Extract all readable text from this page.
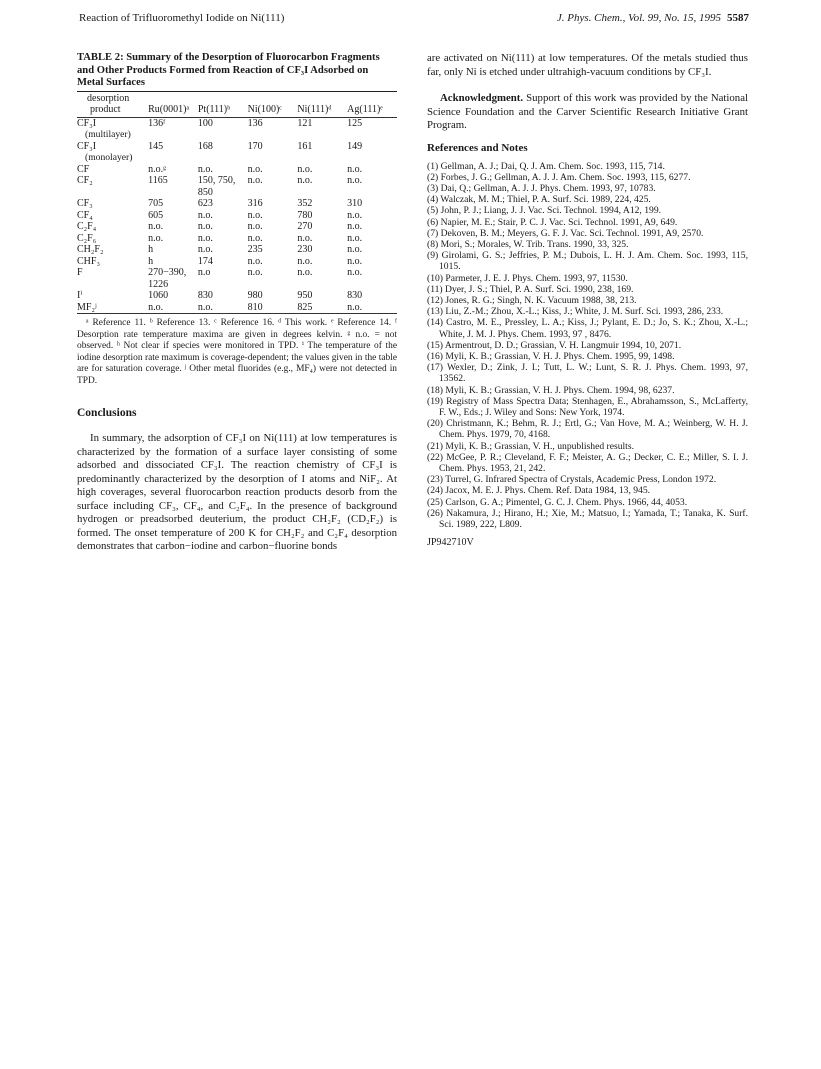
Reaction of Trifluoromethyl Iodide on Ni(111)	J. Phys. Chem., Vol. 99, No. 15, 1995 5587

TABLE 2: Summary of the Desorption of Fluorocarbon Fragments and Other Products Formed from Reaction of CF₃I Adsorbed on Metal Surfaces

desorption
product	Ru(0001)ᵃ	Pt(111)ᵇ	Ni(100)ᶜ	Ni(111)ᵈ	Ag(111)ᵉ

CF₃I
(multilayer)	136ᶠ	100	136	121	125

CF₃I
(monolayer)	145	168	170	161	149

CF	n.o.ᵍ	n.o.	n.o.	n.o.	n.o.

CF₂	1165	150, 750, 850	n.o.	n.o.	n.o.

CF₃	705	623	316	352	310

CF₄	605	n.o.	n.o.	780	n.o.

C₂F₄	n.o.	n.o.	n.o.	270	n.o.

C₂F₆	n.o.	n.o.	n.o.	n.o.	n.o.

CH₂F₂	h	n.o.	235	230	n.o.

CHF₃	h	174	n.o.	n.o.	n.o.

F	270−390, 1226	n.o	n.o.	n.o.	n.o.

Iⁱ	1060	830	980	950	830

MF₂ʲ	n.o.	n.o.	810	825	n.o.
ᵃ Reference 11. ᵇ Reference 13. ᶜ Reference 16. ᵈ This work. ᵉ Reference 14. ᶠ Desorption rate temperature maxima are given in degrees kelvin. ᵍ n.o. = not observed. ʰ Not clear if species were monitored in TPD. ⁱ The temperature of the iodine desorption rate maximum is coverage-dependent; the values given in the table are for saturation coverage. ʲ Other metal fluorides (e.g., MF₄) were not detected in TPD.
Conclusions

In summary, the adsorption of CF₃I on Ni(111) at low temperatures is characterized by the formation of a surface layer consisting of some adsorbed and dissociated CF₃I. The reaction chemistry of CF₃I is predominantly characterized by the desorption of I atoms and NiF₂. At high coverages, several fluorocarbon reaction products desorb from the surface including CF₃, CF₄, and C₂F₄. In the presence of background hydrogen or preadsorbed deuterium, the product CH₂F₂ (CD₂F₂) is formed. The onset temperature of 200 K for CH₂F₂ and C₂F₄ desorption demonstrates that carbon−iodine and carbon−fluorine bonds

are activated on Ni(111) at low temperatures. Of the metals studied thus far, only Ni is etched under ultrahigh-vacuum conditions by CF₃I.

Acknowledgment. Support of this work was provided by the National Science Foundation and the Carver Scientific Research Initiative Grant Program.

References and Notes
(1) Gellman, A. J.; Dai, Q. J. Am. Chem. Soc. 1993, 115, 714.
(2) Forbes, J. G.; Gellman, A. J. J. Am. Chem. Soc. 1993, 115, 6277.
(3) Dai, Q.; Gellman, A. J. J. Phys. Chem. 1993, 97, 10783.
(4) Walczak, M. M.; Thiel, P. A. Surf. Sci. 1989, 224, 425.
(5) John, P. J.; Liang, J. J. Vac. Sci. Technol. 1994, A12, 199.
(6) Napier, M. E.; Stair, P. C. J. Vac. Sci. Technol. 1991, A9, 649.
(7) Dekoven, B. M.; Meyers, G. F. J. Vac. Sci. Technol. 1991, A9, 2570.
(8) Mori, S.; Morales, W. Trib. Trans. 1990, 33, 325.
(9) Girolami, G. S.; Jeffries, P. M.; Dubois, L. H. J. Am. Chem. Soc. 1993, 115, 1015.
(10) Parmeter, J. E. J. Phys. Chem. 1993, 97, 11530.
(11) Dyer, J. S.; Thiel, P. A. Surf. Sci. 1990, 238, 169.
(12) Jones, R. G.; Singh, N. K. Vacuum 1988, 38, 213.
(13) Liu, Z.-M.; Zhou, X.-L.; Kiss, J.; White, J. M. Surf. Sci. 1993, 286, 233.
(14) Castro, M. E., Pressley, L. A.; Kiss, J.; Pylant, E. D.; Jo, S. K.; Zhou, X.-L.; White, J. M. J. Phys. Chem. 1993, 97 , 8476.
(15) Armentrout, D. D.; Grassian, V. H. Langmuir 1994, 10, 2071.
(16) Myli, K. B.; Grassian, V. H. J. Phys. Chem. 1995, 99, 1498.
(17) Wexler, D.; Zink, J. I.; Tutt, L. W.; Lunt, S. R. J. Phys. Chem. 1993, 97, 13562.
(18) Myli, K. B.; Grassian, V. H. J. Phys. Chem. 1994, 98, 6237.
(19) Registry of Mass Spectra Data; Stenhagen, E., Abrahamsson, S., McLafferty, F. W., Eds.; J. Wiley and Sons: New York, 1974.
(20) Christmann, K.; Behm, R. J.; Ertl, G.; Van Hove, M. A.; Weinberg, W. H. J. Chem. Phys. 1979, 70, 4168.
(21) Myli, K. B.; Grassian, V. H., unpublished results.
(22) McGee, P. R.; Cleveland, F. F.; Meister, A. G.; Decker, C. E.; Miller, S. I. J. Chem. Phys. 1953, 21, 242.
(23) Turrel, G. Infrared Spectra of Crystals, Academic Press, London 1972.
(24) Jacox, M. E. J. Phys. Chem. Ref. Data 1984, 13, 945.
(25) Carlson, G. A.; Pimentel, G. C. J. Chem. Phys. 1966, 44, 4053.
(26) Nakamura, J.; Hirano, H.; Xie, M.; Matsuo, I.; Yamada, T.; Tanaka, K. Surf. Sci. 1989, 222, L809.
JP942710V
